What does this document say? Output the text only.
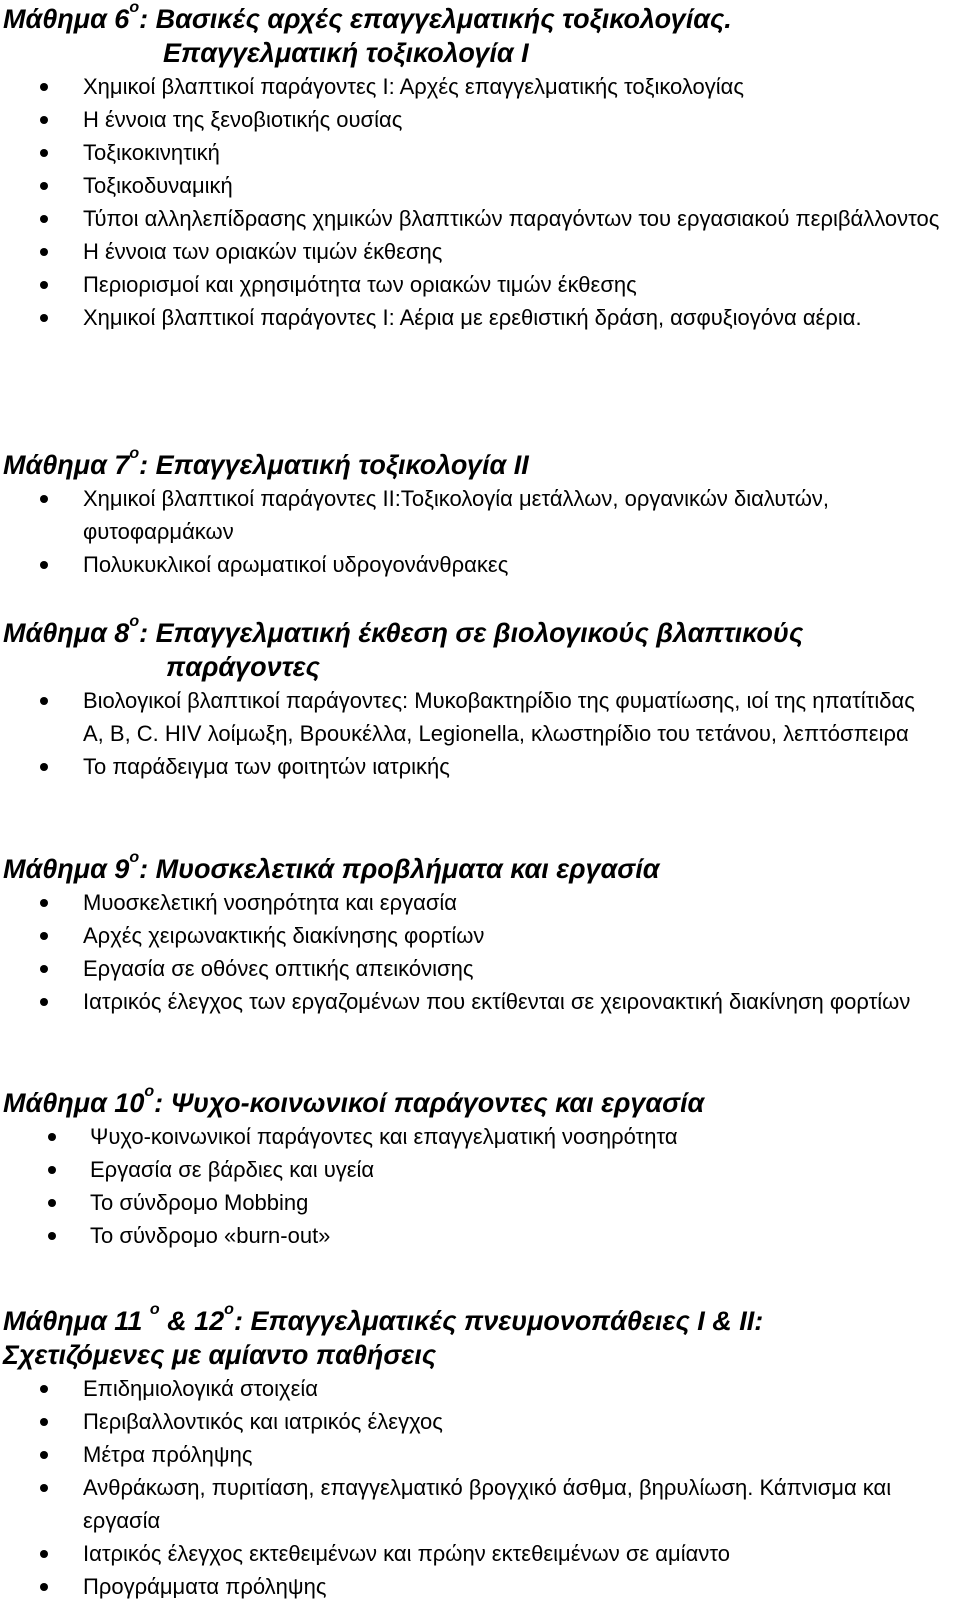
Μάθημα $6^o$: Βασικές αρχές επαγγελματικής τοξικολογίας.
Επαγγελματική τοξικολογία Ι
Χημικοί βλαπτικοί παράγοντες Ι: Αρχές επαγγελματικής τοξικολογίας
Η έννοια της ξενοβιοτικής ουσίας
Τοξικοκινητική
Τοξικοδυναμική
Τύποι αλληλεπίδρασης χημικών βλαπτικών παραγόντων του εργασιακού περιβάλλοντος
Η έννοια των οριακών τιμών έκθεσης
Περιορισμοί και χρησιμότητα των οριακών τιμών έκθεσης
Χημικοί βλαπτικοί παράγοντες Ι: Αέρια με ερεθιστική δράση, ασφυξιογόνα αέρια.
Μάθημα $7^o$: Επαγγελματική τοξικολογία ΙΙ
Χημικοί βλαπτικοί παράγοντες ΙΙ:Τοξικολογία μετάλλων, οργανικών διαλυτών, φυτοφαρμάκων
Πολυκυκλικοί αρωματικοί υδρογονάνθρακες
Μάθημα $8^o$: Επαγγελματική έκθεση σε βιολογικούς βλαπτικούς
παράγοντες
Βιολογικοί βλαπτικοί παράγοντες: Μυκοβακτηρίδιο της φυματίωσης, ιοί της ηπατίτιδας Α, Β, C. HIV λοίμωξη, Βρουκέλλα, Legionella, κλωστηρίδιο του τετάνου, λεπτόσπειρα
Το παράδειγμα των φοιτητών ιατρικής
Μάθημα $9^o$: Μυοσκελετικά προβλήματα και εργασία
Μυοσκελετική νοσηρότητα και εργασία
Αρχές χειρωνακτικής διακίνησης φορτίων
Εργασία σε οθόνες οπτικής απεικόνισης
Ιατρικός έλεγχος των εργαζομένων που εκτίθενται σε χειρονακτική διακίνηση φορτίων
Μάθημα $10^o$: Ψυχο-κοινωνικοί παράγοντες και εργασία
Ψυχο-κοινωνικοί παράγοντες και επαγγελματική νοσηρότητα
Εργασία σε βάρδιες και υγεία
Το σύνδρομο Mobbing
Το σύνδρομο «burn-out»
Μάθημα 11 $^o$ & $12^o$: Επαγγελματικές πνευμονοπάθειες Ι & ΙΙ:
Σχετιζόμενες με αμίαντο παθήσεις
Επιδημιολογικά στοιχεία
Περιβαλλοντικός και ιατρικός έλεγχος
Μέτρα πρόληψης
Ανθράκωση, πυριτίαση, επαγγελματικό βρογχικό άσθμα, βηρυλίωση. Κάπνισμα και εργασία
Ιατρικός έλεγχος εκτεθειμένων και πρώην εκτεθειμένων σε αμίαντο
Προγράμματα πρόληψης
